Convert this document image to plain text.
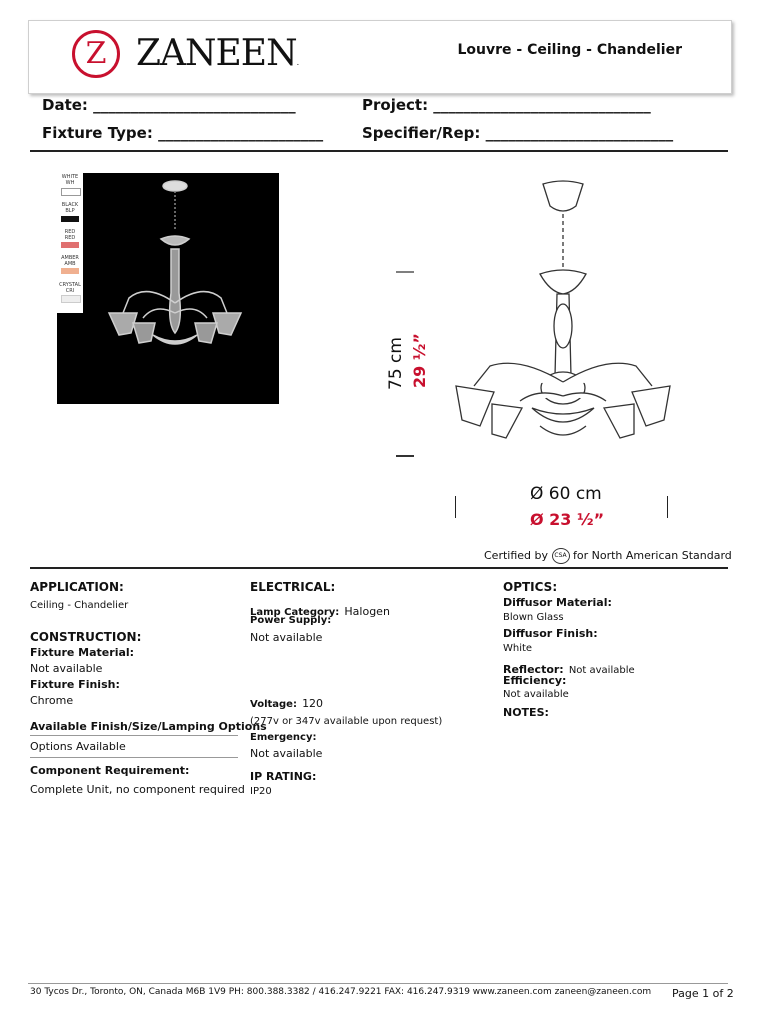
Z ZANEEN.
Louvre - Ceiling - Chandelier
Date: ___________________________	Project: _____________________________
Fixture Type: ______________________	Specifier/Rep: _________________________
WHITE
WH
BLACK
BLP
RED
RED
AMBER
AMB
CRYSTAL
CRI
75 cm 29 ½”
Ø 60 cm
Ø 23 ½”
Certified by CSA for North American Standard
APPLICATION:
Ceiling - Chandelier
CONSTRUCTION:
Fixture Material:
Not available
Fixture Finish:
Chrome
Available Finish/Size/Lamping Options
Options Available
Component Requirement:
Complete Unit, no component required
ELECTRICAL:
Lamp Category: Halogen
Power Supply:
Not available
Voltage: 120
(277v or 347v available upon request)
Emergency:
Not available
IP RATING:
IP20
OPTICS:
Diffusor Material:
Blown Glass
Diffusor Finish:
White
Reflector: Not available
Efficiency:
Not available
NOTES:
30 Tycos Dr., Toronto, ON, Canada M6B 1V9 PH: 800.388.3382 / 416.247.9221 FAX: 416.247.9319 www.zaneen.com zaneen@zaneen.com Page 1 of 2
